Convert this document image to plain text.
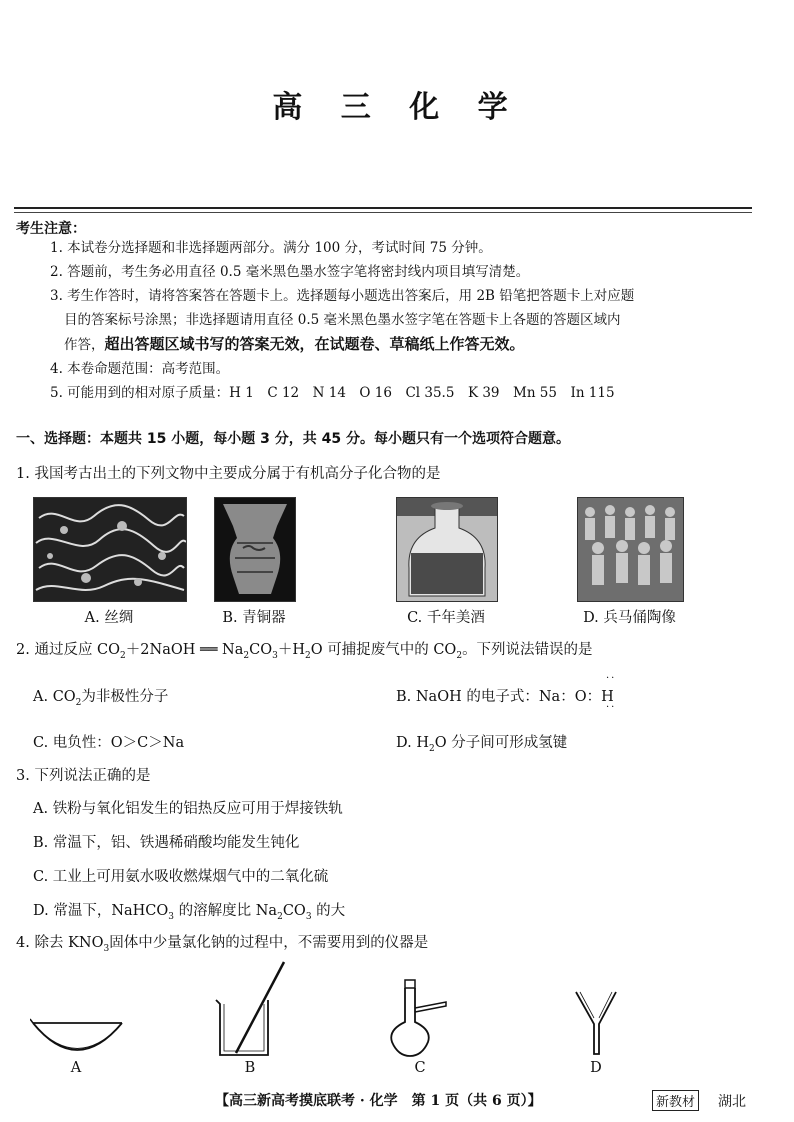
高 三 化 学
考生注意：
1. 本试卷分选择题和非选择题两部分。满分 100 分，考试时间 75 分钟。
2. 答题前，考生务必用直径 0.5 毫米黑色墨水签字笔将密封线内项目填写清楚。
3. 考生作答时，请将答案答在答题卡上。选择题每小题选出答案后，用 2B 铅笔把答题卡上对应题
目的答案标号涂黑；非选择题请用直径 0.5 毫米黑色墨水签字笔在答题卡上各题的答题区域内
作答，超出答题区域书写的答案无效，在试题卷、草稿纸上作答无效。
4. 本卷命题范围：高考范围。
5. 可能用到的相对原子质量：H 1　C 12　N 14　O 16　Cl 35.5　K 39　Mn 55　In 115
一、选择题：本题共 15 小题，每小题 3 分，共 45 分。每小题只有一个选项符合题意。
1. 我国考古出土的下列文物中主要成分属于有机高分子化合物的是
A. 丝绸	B. 青铜器	C. 千年美酒	D. 兵马俑陶像
2. 通过反应 $CO_2+2NaOH$ ══ $Na_2CO_3+H_2O$ 可捕捉废气中的 $CO_2$。下列说法错误的是
A. $CO_2$为非极性分子	B. NaOH 的电子式：Na：O：H
· ·
· ·
C. 电负性：O＞C＞Na	D. $H_2O$ 分子间可形成氢键
3. 下列说法正确的是
A. 铁粉与氧化铝发生的铝热反应可用于焊接铁轨
B. 常温下，铝、铁遇稀硝酸均能发生钝化
C. 工业上可用氨水吸收燃煤烟气中的二氧化硫
D. 常温下，NaHCO$_3$ 的溶解度比 $Na_2CO_3$ 的大
4. 除去 $KNO_3$固体中少量氯化钠的过程中，不需要用到的仪器是
A	B	C	D
【高三新高考摸底联考 · 化学　第 1 页（共 6 页）】	新教材 湖北
